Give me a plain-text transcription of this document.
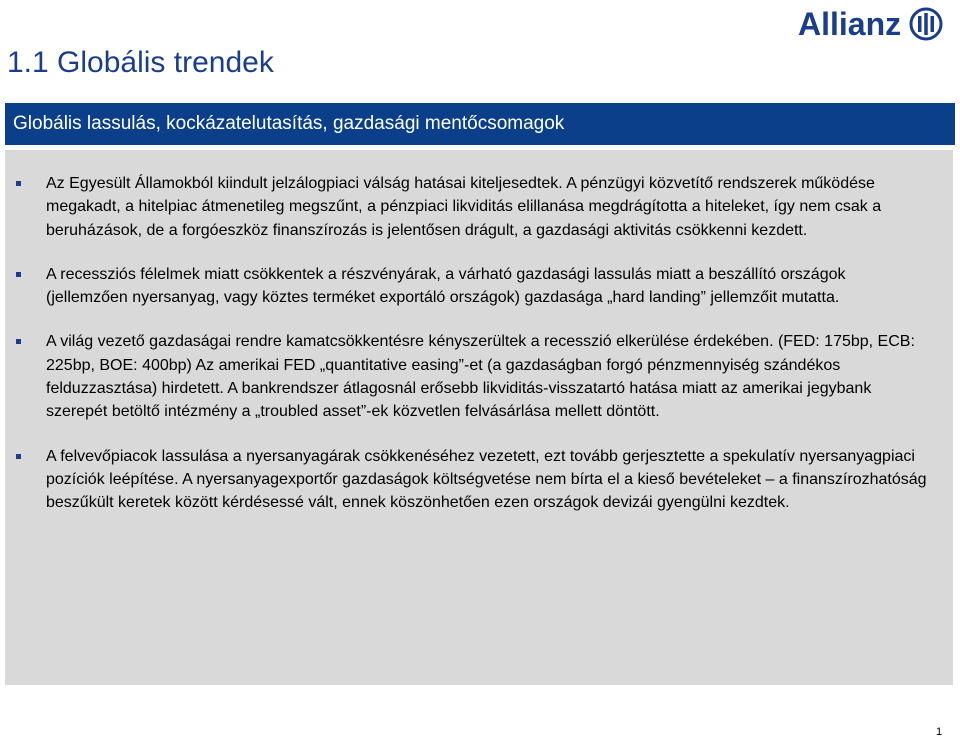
1.1 Globális trendek
Allianz
Globális lassulás, kockázatelutasítás, gazdasági mentőcsomagok
Az Egyesült Államokból kiindult jelzálogpiaci válság hatásai kiteljesedtek. A pénzügyi közvetítő rendszerek működése megakadt, a hitelpiac átmenetileg megszűnt, a pénzpiaci likviditás elillanása megdrágította a hiteleket, így nem csak a beruházások, de a forgóeszköz finanszírozás is jelentősen drágult, a gazdasági aktivitás csökkenni kezdett.
A recessziós félelmek miatt csökkentek a részvényárak, a várható gazdasági lassulás miatt a beszállító országok (jellemzően nyersanyag, vagy köztes terméket exportáló országok) gazdasága „hard landing” jellemzőit mutatta.
A világ vezető gazdaságai rendre kamatcsökkentésre kényszerültek a recesszió elkerülése érdekében. (FED: 175bp, ECB: 225bp, BOE: 400bp) Az amerikai FED „quantitative easing”-et (a gazdaságban forgó pénzmennyiség szándékos felduzzasztása) hirdetett. A bankrendszer átlagosnál erősebb likviditás-visszatartó hatása miatt az amerikai jegybank szerepét betöltő intézmény a „troubled asset”-ek közvetlen felvásárlása mellett döntött.
A felvevőpiacok lassulása a nyersanyagárak csökkenéséhez vezetett, ezt tovább gerjesztette a spekulatív nyersanyagpiaci pozíciók leépítése. A nyersanyagexportőr gazdaságok költségvetése nem bírta el a kieső bevételeket – a finanszírozhatóság beszűkült keretek között kérdésessé vált, ennek köszönhetően ezen országok devizái gyengülni kezdtek.
1
